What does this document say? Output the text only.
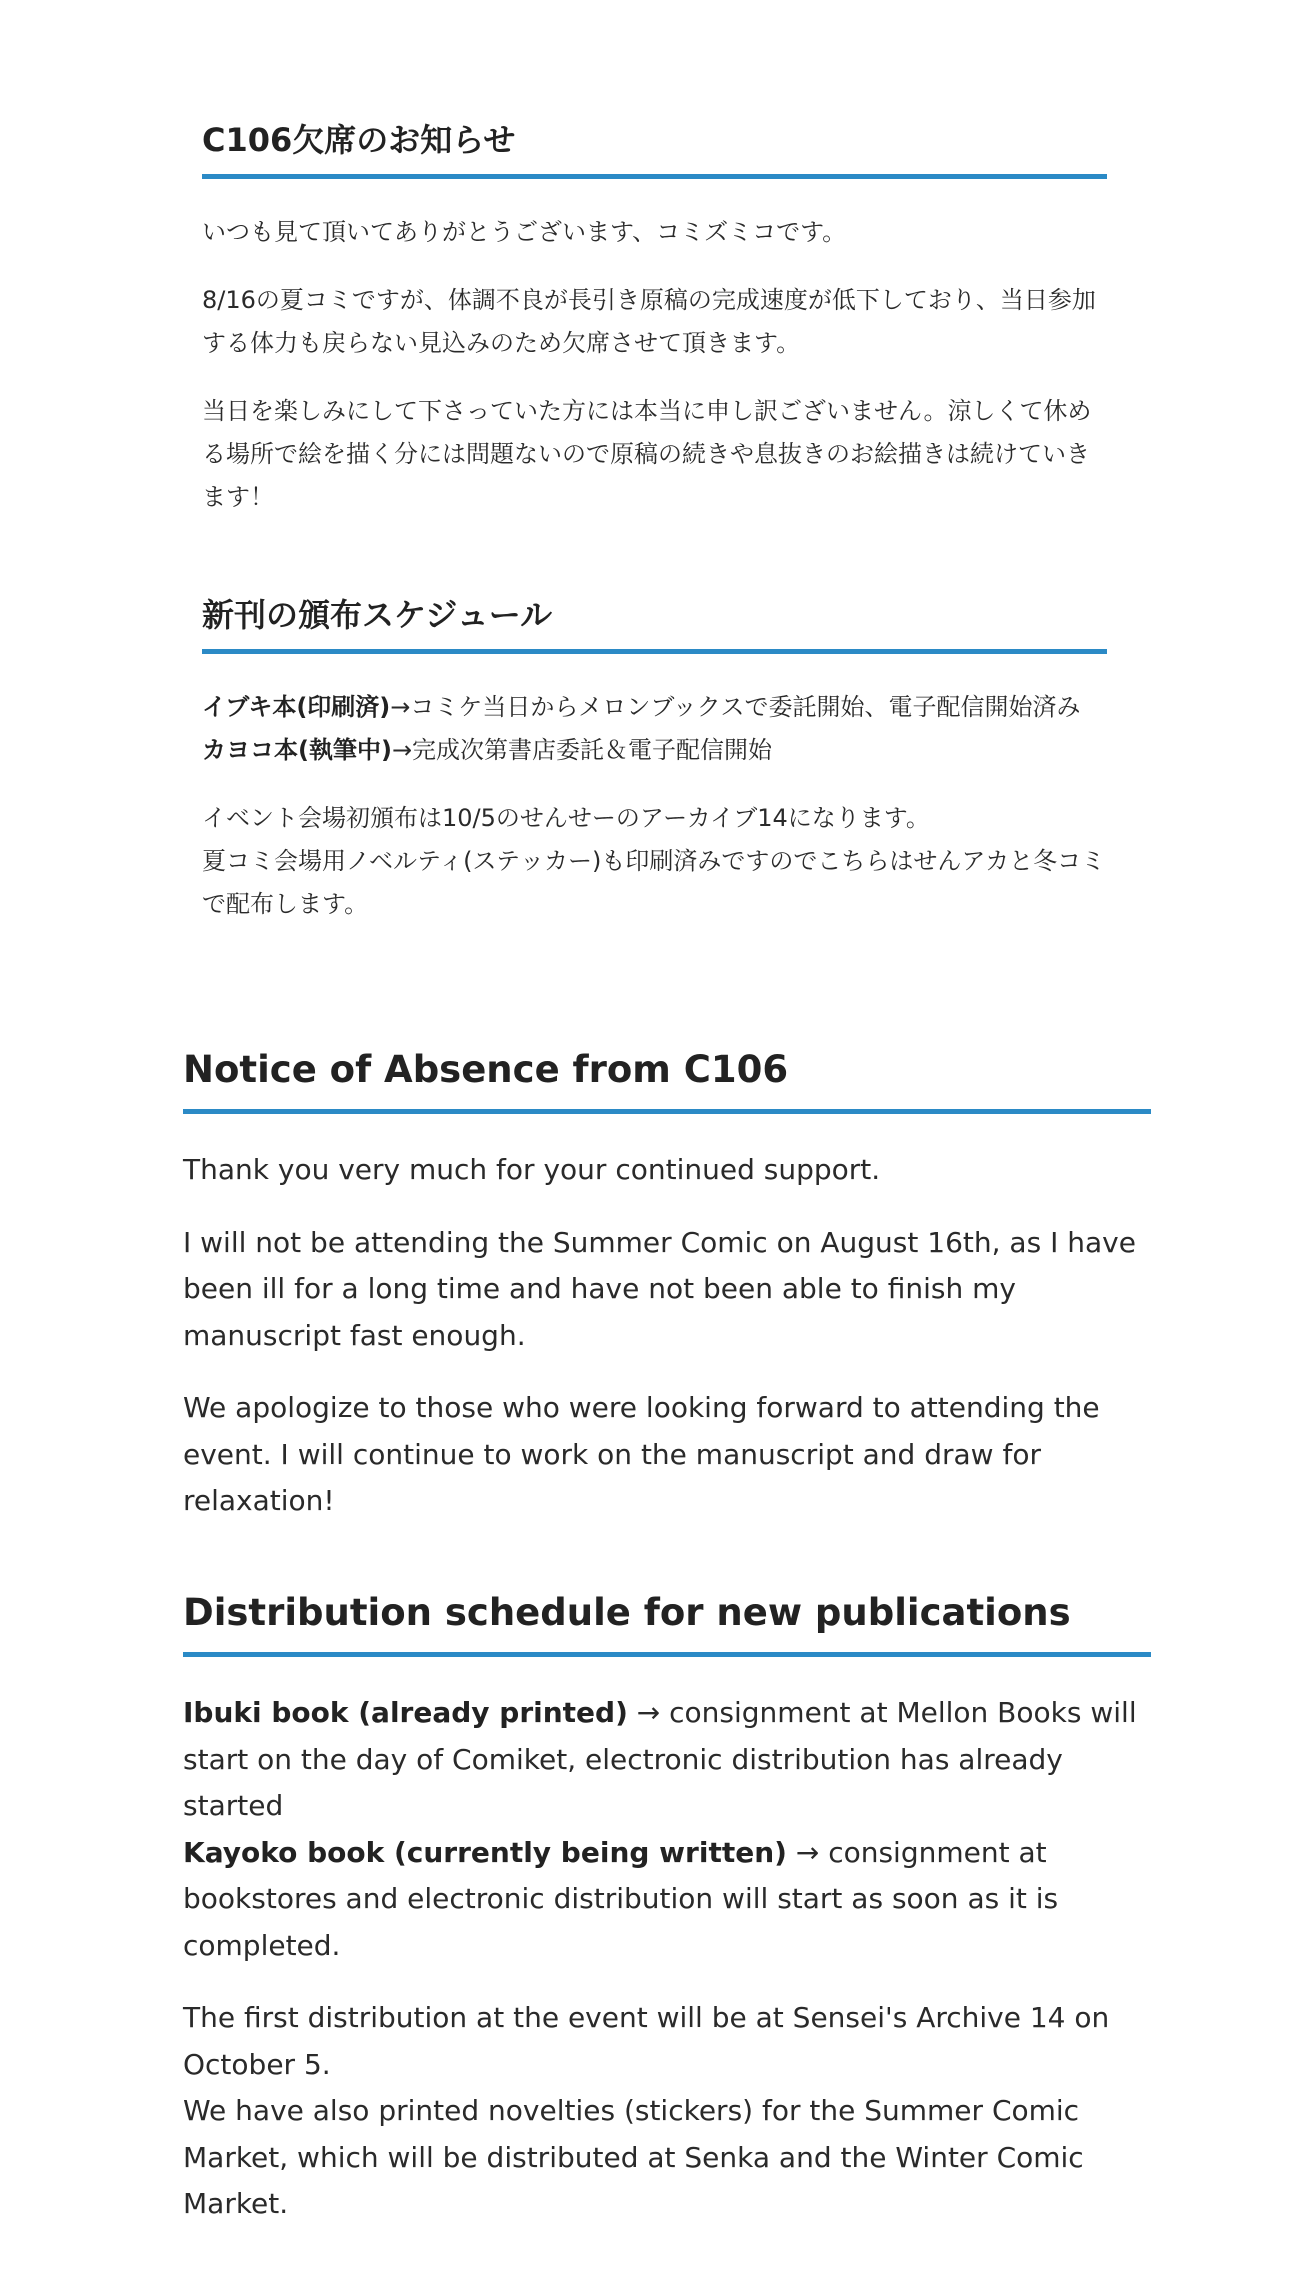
C106欠席のお知らせ

いつも見て頂いてありがとうございます、コミズミコです。

8/16の夏コミですが、体調不良が長引き原稿の完成速度が低下しており、当日参加する体力も戻らない見込みのため欠席させて頂きます。

当日を楽しみにして下さっていた方には本当に申し訳ございません。涼しくて休める場所で絵を描く分には問題ないので原稿の続きや息抜きのお絵描きは続けていきます！

新刊の頒布スケジュール

イブキ本(印刷済)→コミケ当日からメロンブックスで委託開始、電子配信開始済み
カヨコ本(執筆中)→完成次第書店委託＆電子配信開始

イベント会場初頒布は10/5のせんせーのアーカイブ14になります。
夏コミ会場用ノベルティ(ステッカー)も印刷済みですのでこちらはせんアカと冬コミで配布します。

Notice of Absence from C106

Thank you very much for your continued support.

I will not be attending the Summer Comic on August 16th, as I have been ill for a long time and have not been able to finish my manuscript fast enough.

We apologize to those who were looking forward to attending the event. I will continue to work on the manuscript and draw for relaxation!

Distribution schedule for new publications

Ibuki book (already printed) → consignment at Mellon Books will start on the day of Comiket, electronic distribution has already started
Kayoko book (currently being written) → consignment at bookstores and electronic distribution will start as soon as it is completed.

The first distribution at the event will be at Sensei's Archive 14 on October 5.
We have also printed novelties (stickers) for the Summer Comic Market, which will be distributed at Senka and the Winter Comic Market.
